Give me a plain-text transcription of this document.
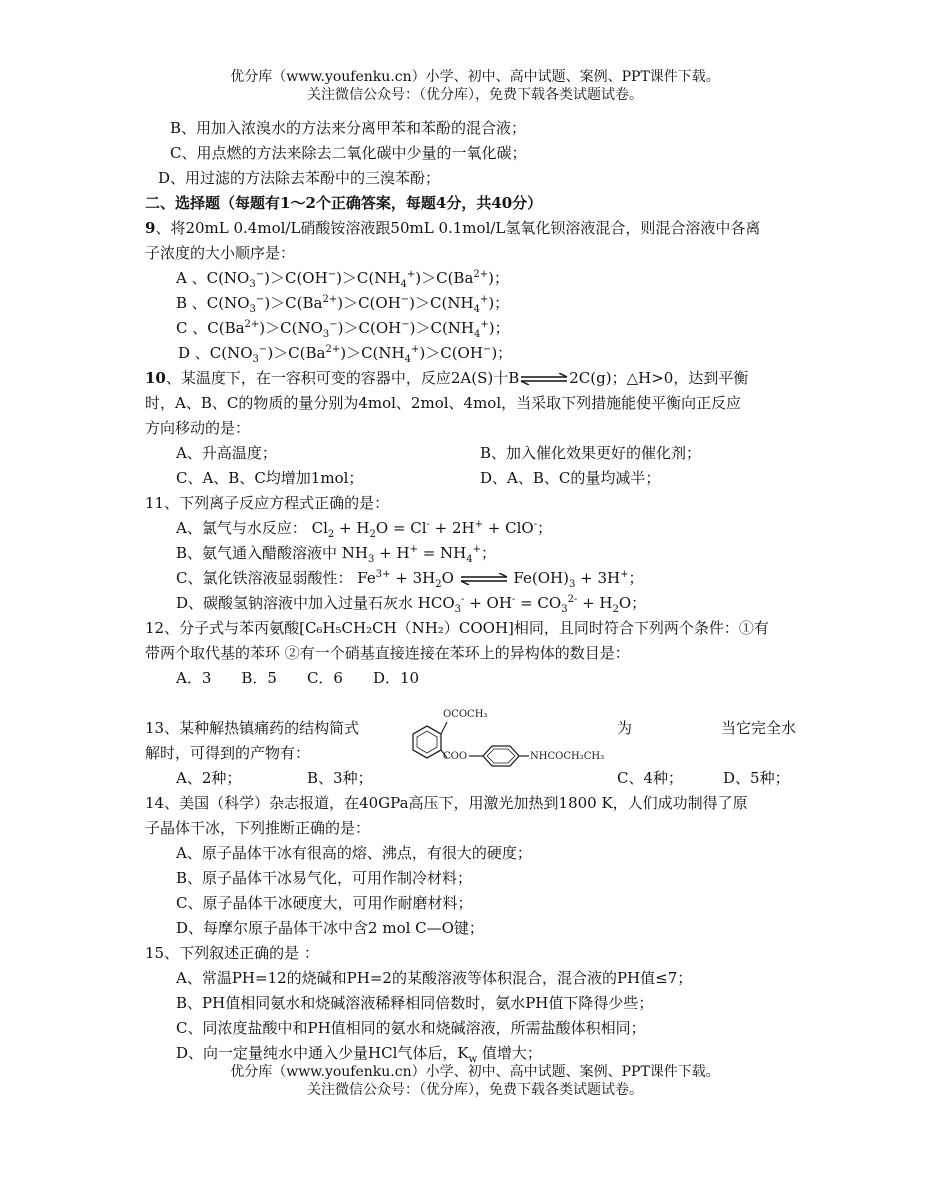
优分库（www.youfenku.cn）小学、初中、高中试题、案例、PPT课件下载。
关注微信公众号：（优分库），免费下载各类试题试卷。
B、用加入浓溴水的方法来分离甲苯和苯酚的混合液；
C、用点燃的方法来除去二氧化碳中少量的一氧化碳；
D、用过滤的方法除去苯酚中的三溴苯酚；
二、选择题（每题有1～2个正确答案，每题4分，共40分）
9、将20mL 0.4mol/L硝酸铵溶液跟50mL 0.1mol/L氢氧化钡溶液混合，则混合溶液中各离
子浓度的大小顺序是：
A 、$C(NO_3^-)>C(OH^-)>C(NH_4^+)>C(Ba^{2+})$；
B 、$C(NO_3^-)>C(Ba^{2+})>C(OH^-)>C(NH_4^+)$；
C 、$C(Ba^{2+})>C(NO_3^-)>C(OH^-)>C(NH_4^+)$；
D 、$C(NO_3^-)>C(Ba^{2+})>C(NH_4^+)>C(OH^-)$；
10、某温度下，在一容积可变的容器中，反应2A(S)十B⇌2C(g)；△H>0，达到平衡
时，A、B、C的物质的量分别为4mol、2mol、4mol，当采取下列措施能使平衡向正反应
方向移动的是：
A、升高温度；	B、加入催化效果更好的催化剂；
C、A、B、C均增加1mol；	D、A、B、C的量均减半；
11、下列离子反应方程式正确的是：
A、氯气与水反应： $Cl_2 + H_2O = Cl^- + 2H^+ + ClO^-$；
B、氨气通入醋酸溶液中 $NH_3 + H^+ = NH_4^+$；
C、氯化铁溶液显弱酸性： $Fe^{3+} + 3H_2O$ ⇌ $Fe(OH)_3 + 3H^+$；
D、碳酸氢钠溶液中加入过量石灰水 $HCO_3^- + OH^- = CO_3^{2-} + H_2O$；
12、分子式与苯丙氨酸[C₆H₅CH₂CH（NH₂）COOH]相同，且同时符合下列两个条件：①有
带两个取代基的苯环 ②有一个硝基直接连接在苯环上的异构体的数目是：
A．3　　B．5　　C．6　　D．10
13、某种解热镇痛药的结构简式	为	当它完全水
解时，可得到的产物有：
OCOCH₃
COO	NHCOCH₂CH₃
A、2种；	B、3种；	C、4种；	D、5种；
14、美国（科学）杂志报道，在40GPa高压下，用激光加热到1800 K，人们成功制得了原
子晶体干冰，下列推断正确的是：
A、原子晶体干冰有很高的熔、沸点，有很大的硬度；
B、原子晶体干冰易气化，可用作制冷材料；
C、原子晶体干冰硬度大，可用作耐磨材料；
D、每摩尔原子晶体干冰中含2 mol C—O键；
15、下列叙述正确的是 ：
A、常温PH=12的烧碱和PH=2的某酸溶液等体积混合，混合液的PH值≤7；
B、PH值相同氨水和烧碱溶液稀释相同倍数时，氨水PH值下降得少些；
C、同浓度盐酸中和PH值相同的氨水和烧碱溶液，所需盐酸体积相同；
D、向一定量纯水中通入少量HCl气体后，$K_w$ 值增大；
优分库（www.youfenku.cn）小学、初中、高中试题、案例、PPT课件下载。
关注微信公众号：（优分库），免费下载各类试题试卷。
